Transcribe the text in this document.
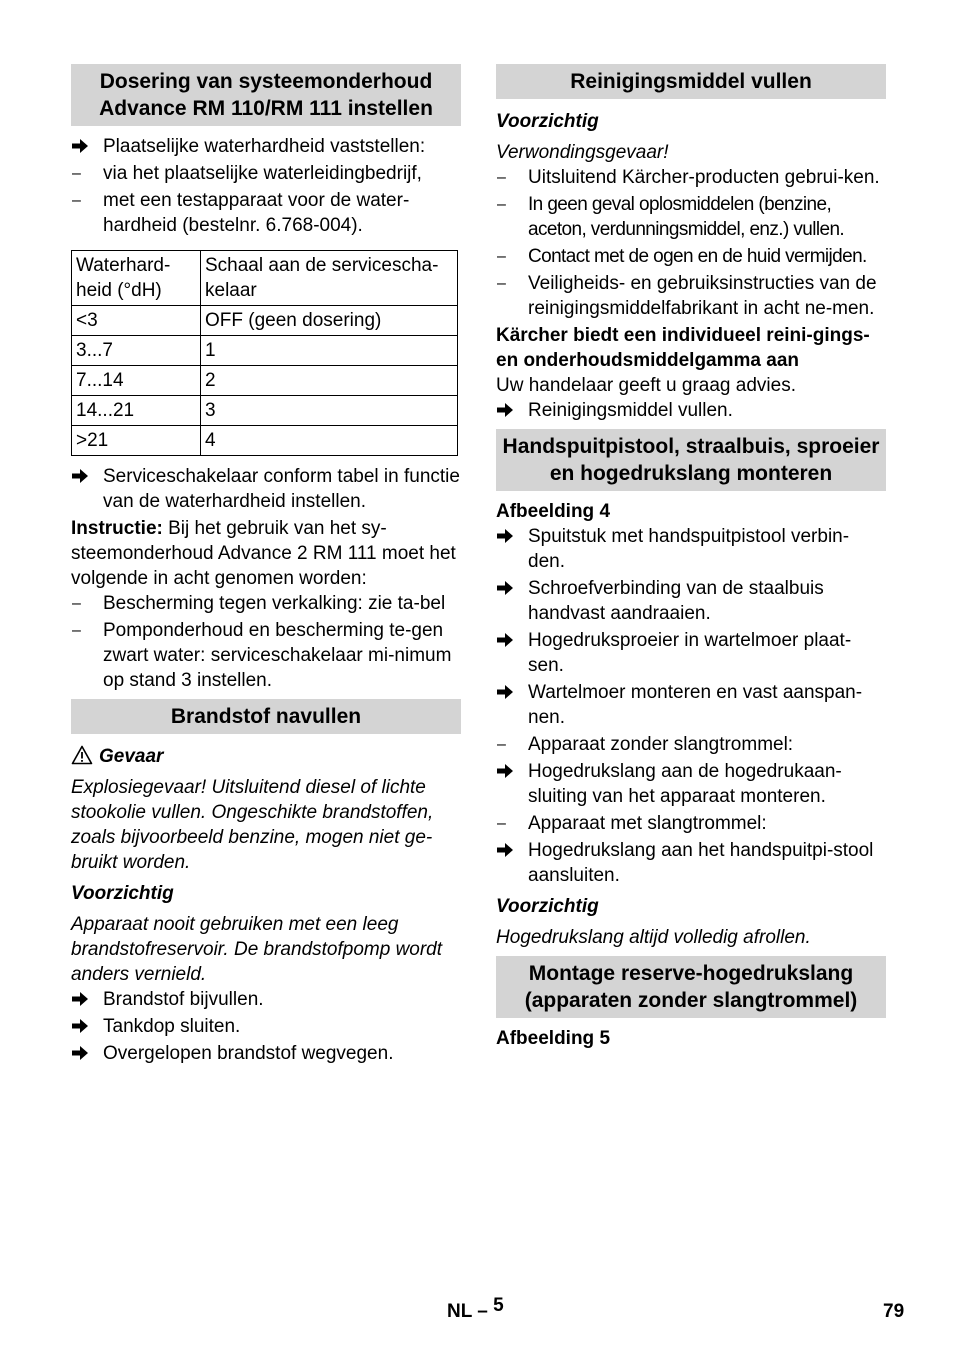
Dosering van systeemonderhoud Advance RM 110/RM 111 instellen
Plaatselijke waterhardheid vaststellen:
–	via het plaatselijke waterleidingbedrijf,
–	met een testapparaat voor de water-hardheid (bestelnr. 6.768-004).
Waterhard-heid (°dH)	Schaal aan de servicescha-kelaar
<3	OFF (geen dosering)
3...7	1
7...14	2
14...21	3
>21	4
Serviceschakelaar conform tabel in functie van de waterhardheid instellen.

Instructie: Bij het gebruik van het sy-steemonderhoud Advance 2 RM 111 moet het volgende in acht genomen worden:

–	Bescherming tegen verkalking: zie ta-bel
–	Pomponderhoud en bescherming te-gen zwart water: serviceschakelaar mi-nimum op stand 3 instellen.
Brandstof navullen

Gevaar

Explosiegevaar! Uitsluitend diesel of lichte stookolie vullen. Ongeschikte brandstoffen, zoals bijvoorbeeld benzine, mogen niet ge-bruikt worden.

Voorzichtig

Apparaat nooit gebruiken met een leeg brandstofreservoir. De brandstofpomp wordt anders vernield.

Brandstof bijvullen.
Tankdop sluiten.
Overgelopen brandstof wegvegen.
Reinigingsmiddel vullen

Voorzichtig

Verwondingsgevaar!

–	Uitsluitend Kärcher-producten gebrui-ken.
–	In geen geval oplosmiddelen (benzine, aceton, verdunningsmiddel, enz.) vullen.
–	Contact met de ogen en de huid vermijden.
–	Veiligheids- en gebruiksinstructies van de reinigingsmiddelfabrikant in acht ne-men.

Kärcher biedt een individueel reini-gings- en onderhoudsmiddelgamma aan

Uw handelaar geeft u graag advies.

Reinigingsmiddel vullen.
Handspuitpistool, straalbuis, sproeier en hogedrukslang monteren

Afbeelding 4

Spuitstuk met handspuitpistool verbin-den.
Schroefverbinding van de staalbuis handvast aandraaien.
Hogedruksproeier in wartelmoer plaat-sen.
Wartelmoer monteren en vast aanspan-nen.
–	Apparaat zonder slangtrommel:
Hogedrukslang aan de hogedrukaan-sluiting van het apparaat monteren.
–	Apparaat met slangtrommel:
Hogedrukslang aan het handspuitpi-stool aansluiten.

Voorzichtig

Hogedrukslang altijd volledig afrollen.

Montage reserve-hogedrukslang (apparaten zonder slangtrommel)

Afbeelding 5

NL – 5	79
